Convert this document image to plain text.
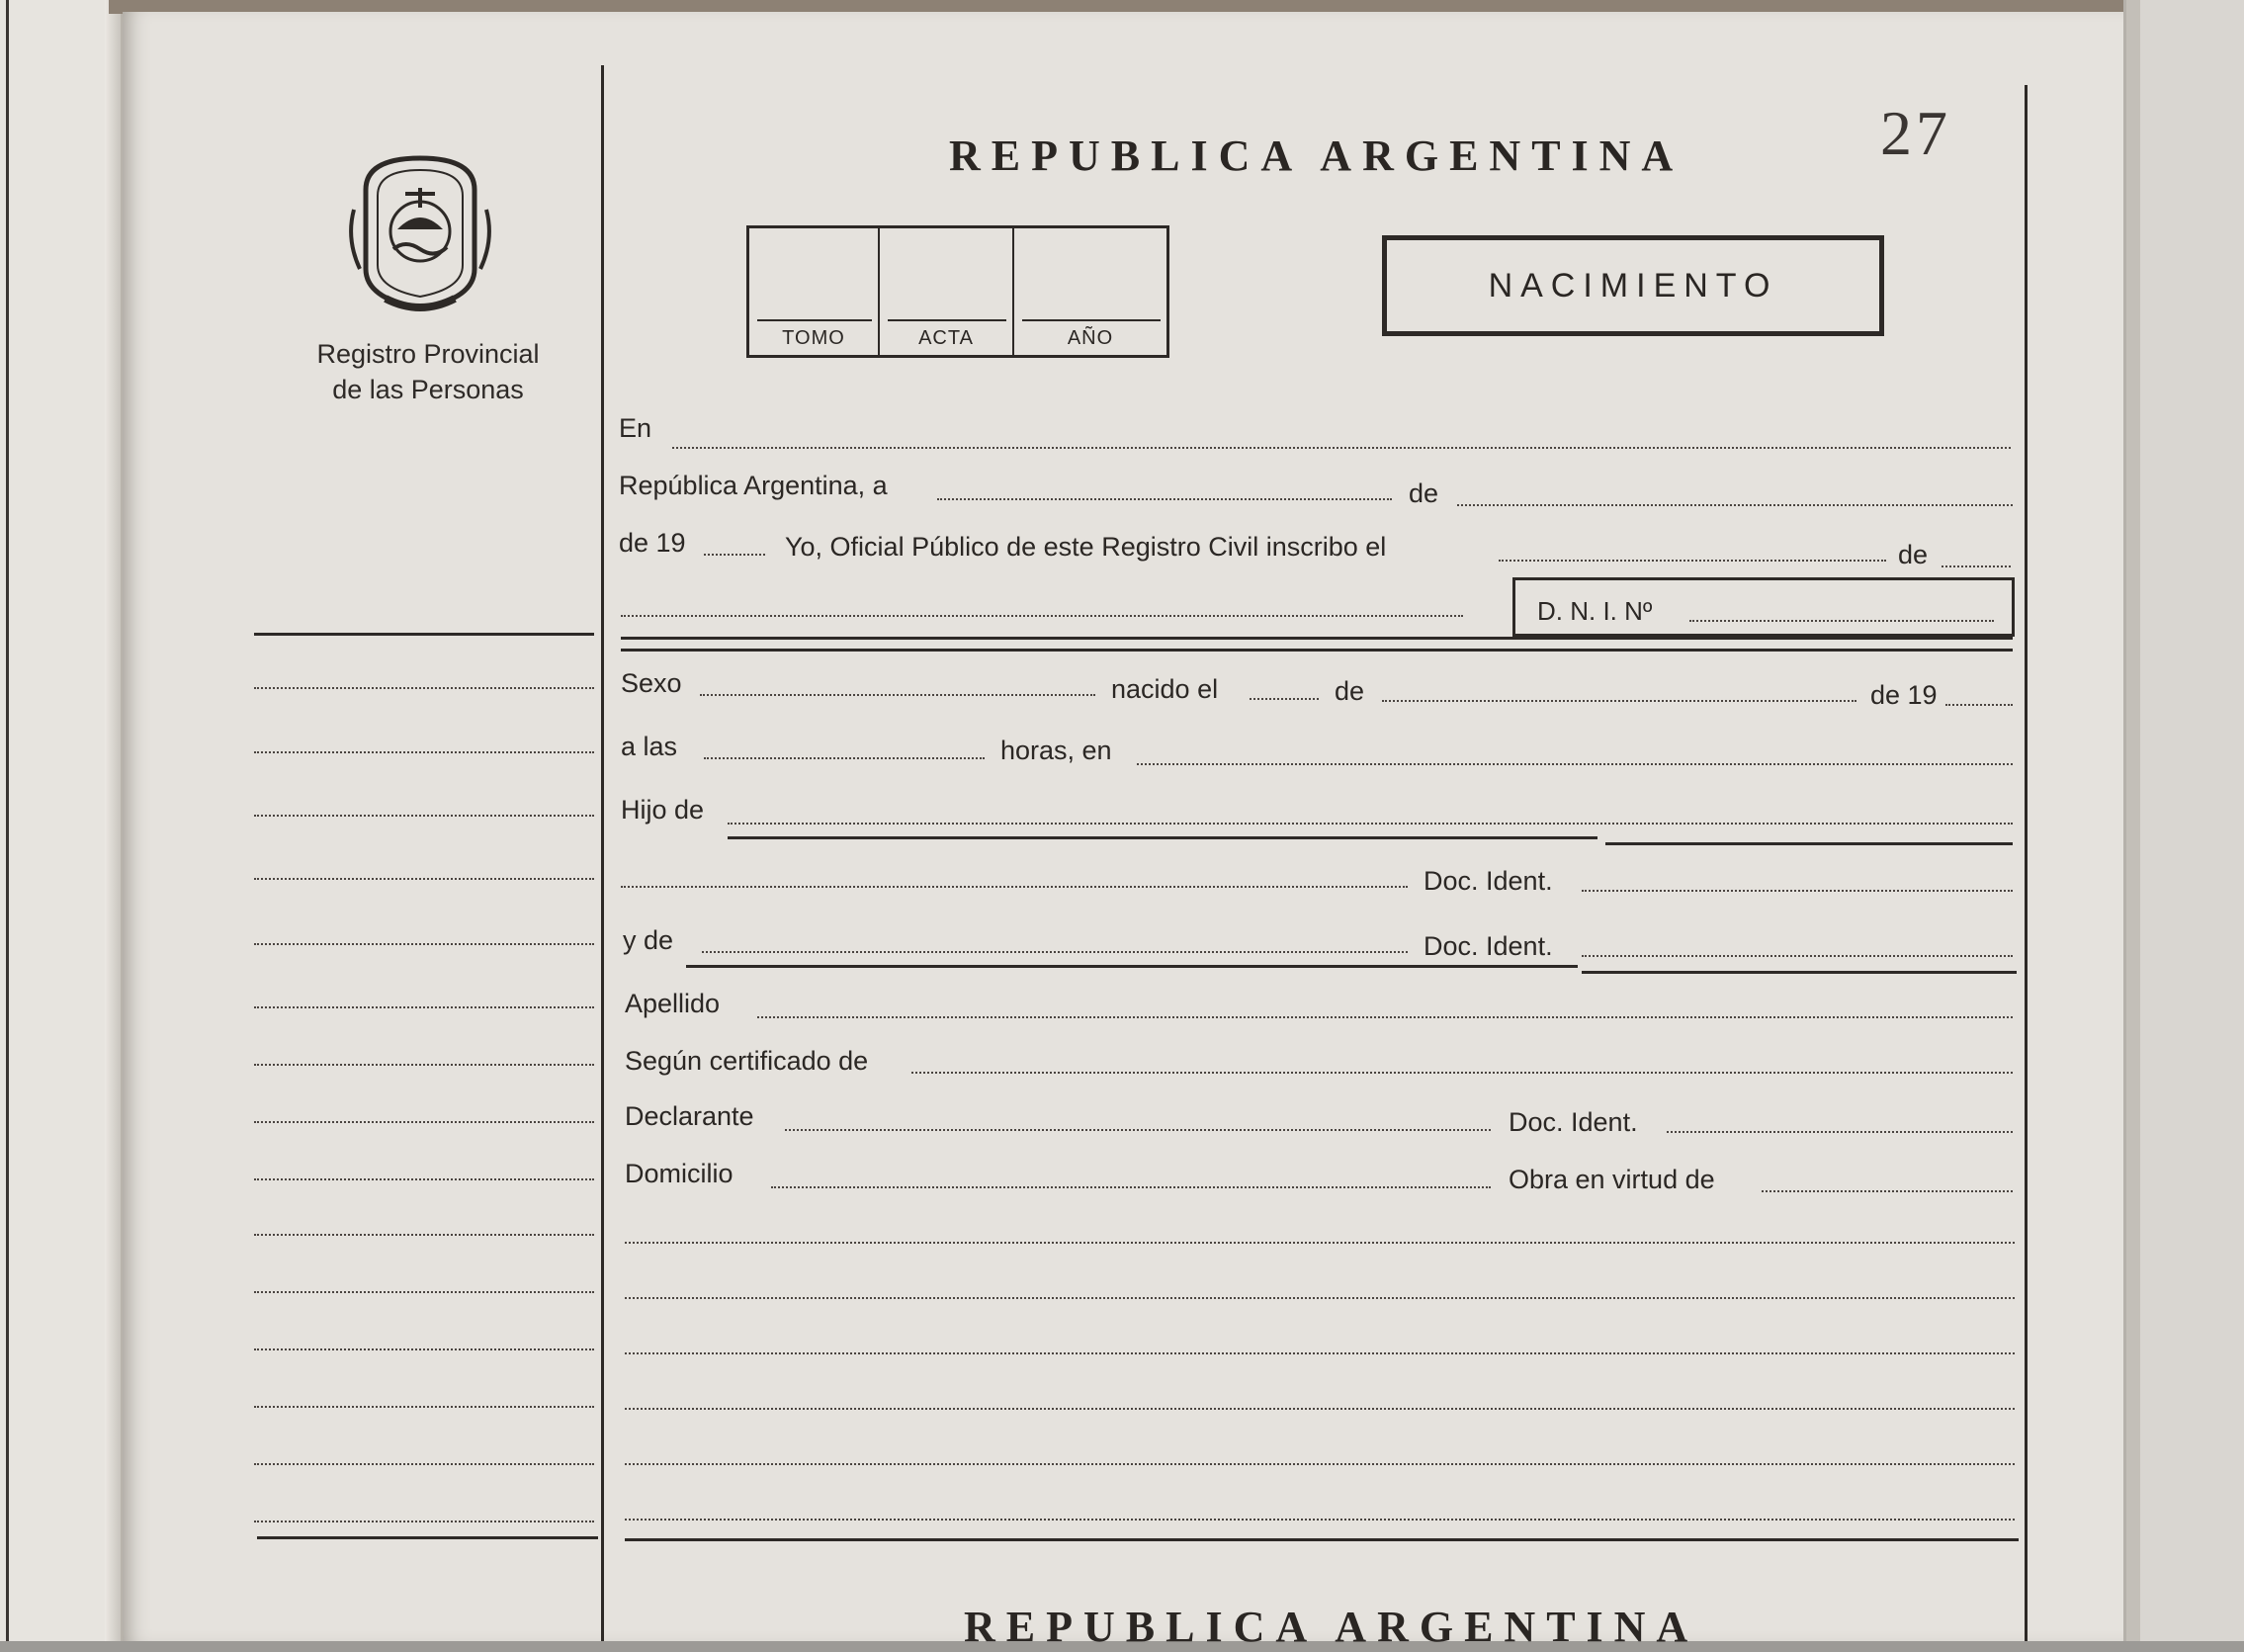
Registro Provincial
de las Personas
REPUBLICA ARGENTINA	27
TOMO	ACTA	AÑO
NACIMIENTO
En
República Argentina, a	de
de 19	Yo, Oficial Público de este Registro Civil inscribo el	de
D. N. I. Nº
Sexo	nacido el	de	de 19
a las	horas, en
Hijo de
Doc. Ident.
y de	Doc. Ident.
Apellido
Según certificado de
Declarante	Doc. Ident.
Domicilio	Obra en virtud de
REPUBLICA ARGENTINA
